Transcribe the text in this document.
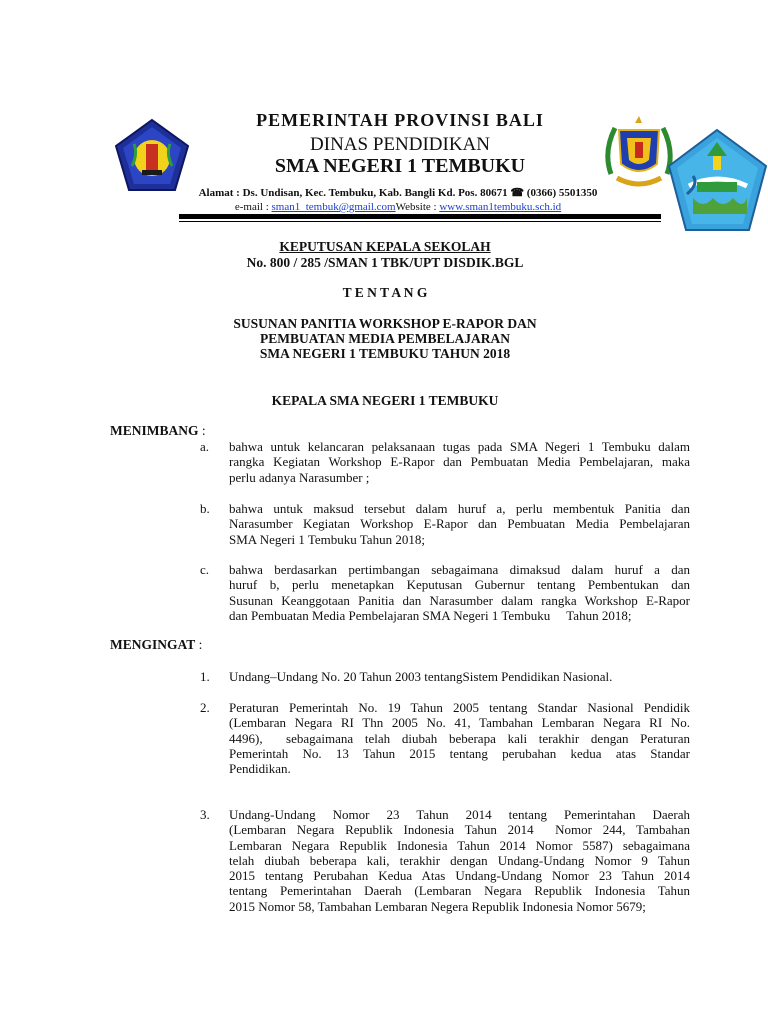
PEMERINTAH PROVINSI BALI
DINAS PENDIDIKAN
SMA NEGERI 1 TEMBUKU
Alamat : Ds. Undisan, Kec. Tembuku, Kab. Bangli Kd. Pos. 80671 ☎ (0366) 5501350
e-mail : sman1_tembuk@gmail.comWebsite : www.sman1tembuku.sch.id
KEPUTUSAN KEPALA SEKOLAH
No. 800 / 285 /SMAN 1 TBK/UPT DISDIK.BGL
T E N T A N G
SUSUNAN PANITIA WORKSHOP E-RAPOR DAN
PEMBUATAN MEDIA PEMBELAJARAN
SMA NEGERI 1 TEMBUKU TAHUN 2018
KEPALA SMA NEGERI 1 TEMBUKU
MENIMBANG :
a. bahwa untuk kelancaran pelaksanaan tugas pada SMA Negeri 1 Tembuku dalam
rangka Kegiatan Workshop E-Rapor dan Pembuatan Media Pembelajaran, maka
perlu adanya Narasumber ;
b. bahwa untuk maksud tersebut dalam huruf a, perlu membentuk Panitia dan
Narasumber Kegiatan Workshop E-Rapor dan Pembuatan Media Pembelajaran
SMA Negeri 1 Tembuku Tahun 2018;
c. bahwa berdasarkan pertimbangan sebagaimana dimaksud dalam huruf a dan
huruf b, perlu menetapkan Keputusan Gubernur tentang Pembentukan dan
Susunan Keanggotaan Panitia dan Narasumber dalam rangka Workshop E-Rapor
dan Pembuatan Media Pembelajaran SMA Negeri 1 Tembuku     Tahun 2018;
MENGINGAT :
1. Undang–Undang No. 20 Tahun 2003 tentangSistem Pendidikan Nasional.
2. Peraturan Pemerintah No. 19 Tahun 2005 tentang Standar Nasional Pendidik
(Lembaran Negara RI Thn 2005 No. 41, Tambahan Lembaran Negara RI No.
4496),  sebagaimana telah diubah beberapa kali terakhir dengan Peraturan
Pemerintah No. 13 Tahun 2015 tentang perubahan kedua atas Standar
Pendidikan.
3. Undang-Undang Nomor 23 Tahun 2014 tentang Pemerintahan Daerah
(Lembaran Negara Republik Indonesia Tahun 2014  Nomor 244, Tambahan
Lembaran Negara Republik Indonesia Tahun 2014 Nomor 5587) sebagaimana
telah diubah beberapa kali, terakhir dengan Undang-Undang Nomor 9 Tahun
2015 tentang Perubahan Kedua Atas Undang-Undang Nomor 23 Tahun 2014
tentang Pemerintahan Daerah (Lembaran Negara Republik Indonesia Tahun
2015 Nomor 58, Tambahan Lembaran Negera Republik Indonesia Nomor 5679;
